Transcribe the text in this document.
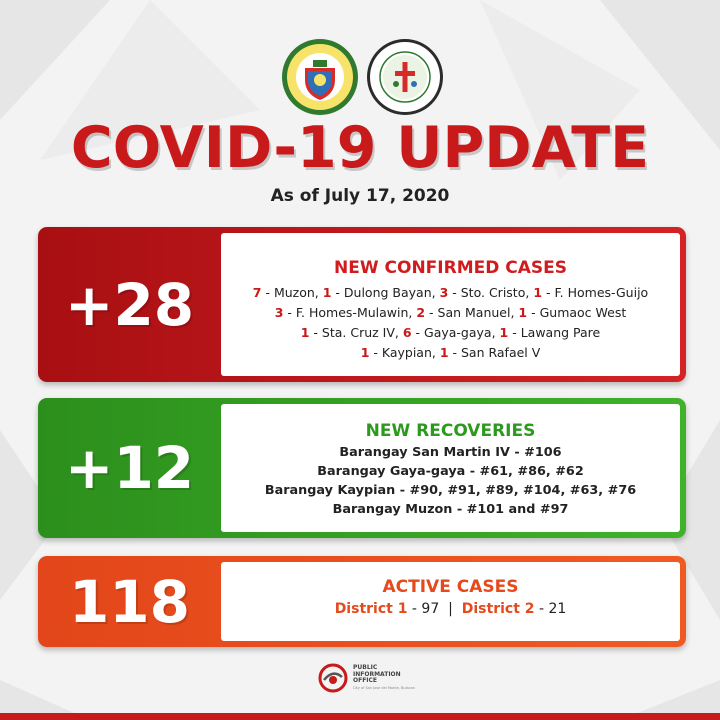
COVID-19 UPDATE
As of July 17, 2020
+28
NEW CONFIRMED CASES
7 - Muzon, 1 - Dulong Bayan, 3 - Sto. Cristo, 1 - F. Homes-Guijo
3 - F. Homes-Mulawin, 2 - San Manuel, 1 - Gumaoc West
1 - Sta. Cruz IV, 6 - Gaya-gaya, 1 - Lawang Pare
1 - Kaypian, 1 - San Rafael V
+12
NEW RECOVERIES
Barangay San Martin IV - #106
Barangay Gaya-gaya - #61, #86, #62
Barangay Kaypian - #90, #91, #89, #104, #63, #76
Barangay Muzon - #101 and #97
118	ACTIVE CASES
District 1 - 97 | District 2 - 21
PUBLIC
INFORMATION
OFFICE
City of San Jose del Monte, Bulacan
